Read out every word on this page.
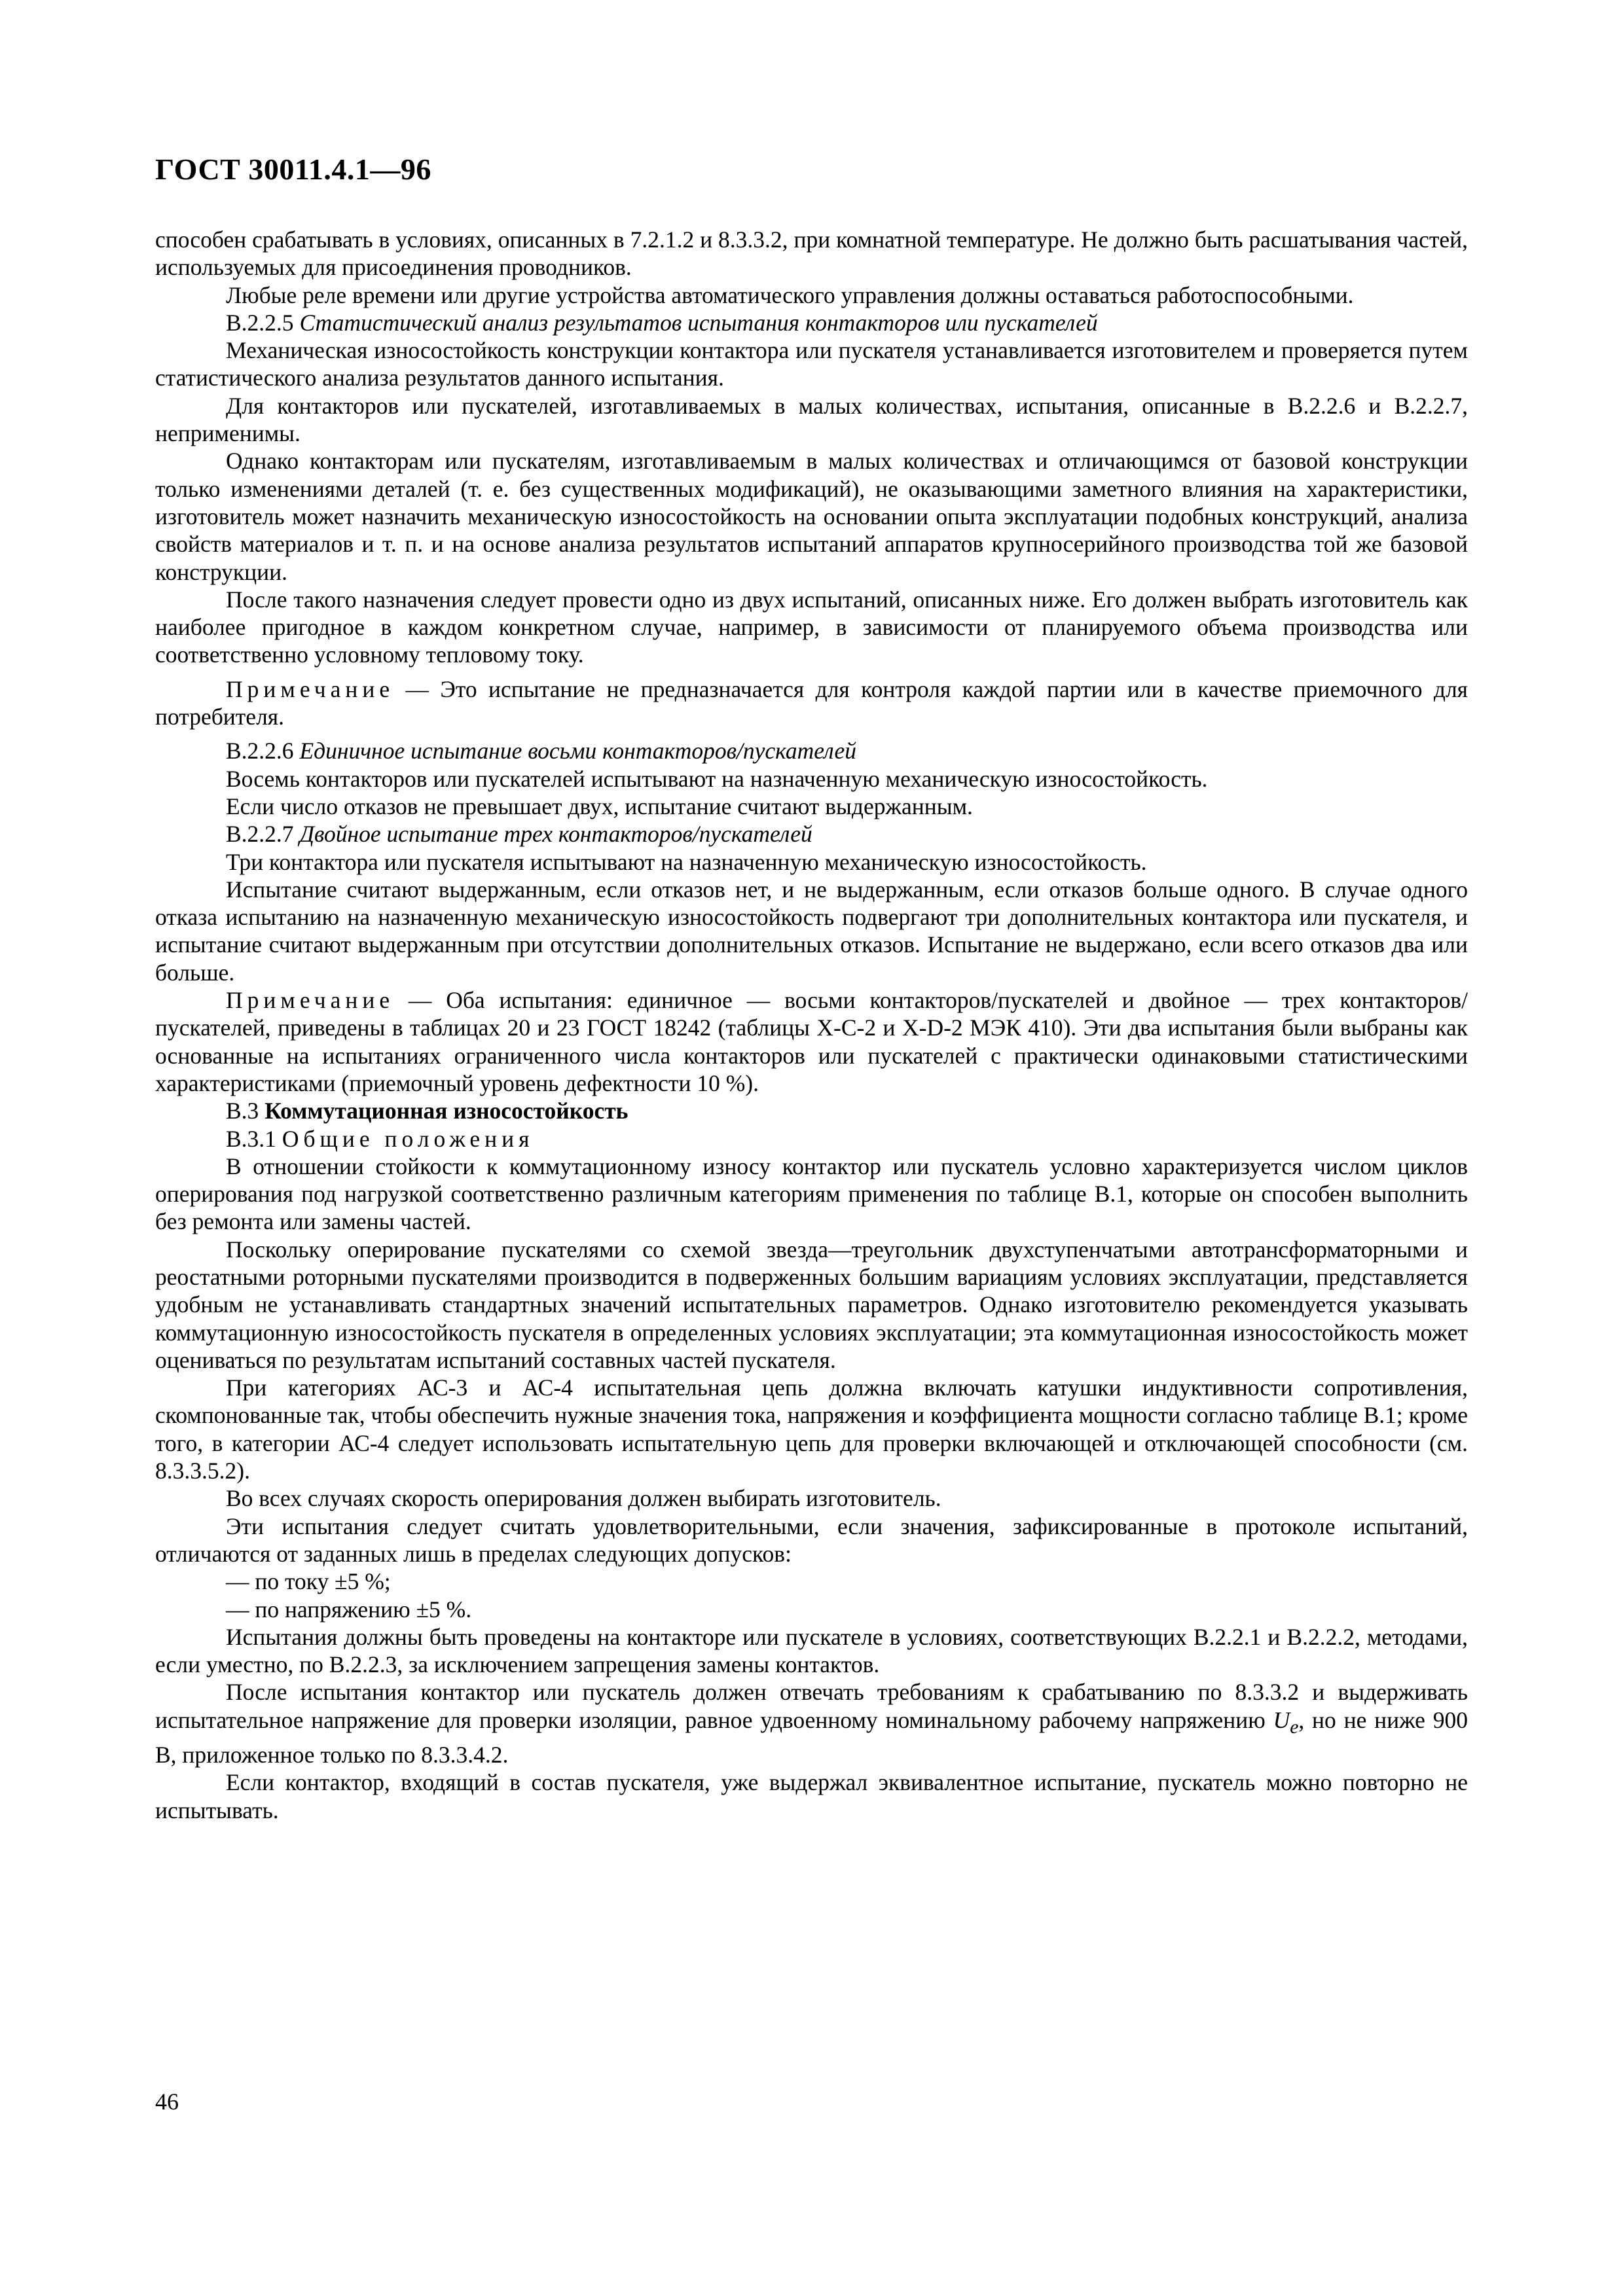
ГОСТ 30011.4.1—96

способен срабатывать в условиях, описанных в 7.2.1.2 и 8.3.3.2, при комнатной температуре. Не должно быть расшатывания частей, используемых для присоединения проводников.

Любые реле времени или другие устройства автоматического управления должны оставаться работоспособными.

В.2.2.5 Статистический анализ результатов испытания контакторов или пускателей

Механическая износостойкость конструкции контактора или пускателя устанавливается изготовителем и проверяется путем статистического анализа результатов данного испытания.

Для контакторов или пускателей, изготавливаемых в малых количествах, испытания, описанные в В.2.2.6 и В.2.2.7, неприменимы.

Однако контакторам или пускателям, изготавливаемым в малых количествах и отличающимся от базовой конструкции только изменениями деталей (т. е. без существенных модификаций), не оказывающими заметного влияния на характеристики, изготовитель может назначить механическую износостойкость на основании опыта эксплуатации подобных конструкций, анализа свойств материалов и т. п. и на основе анализа результатов испытаний аппаратов крупносерийного производства той же базовой конструкции.

После такого назначения следует провести одно из двух испытаний, описанных ниже. Его должен выбрать изготовитель как наиболее пригодное в каждом конкретном случае, например, в зависимости от планируемого объема производства или соответственно условному тепловому току.

Примечание — Это испытание не предназначается для контроля каждой партии или в качестве приемочного для потребителя.

В.2.2.6 Единичное испытание восьми контакторов/пускателей

Восемь контакторов или пускателей испытывают на назначенную механическую износостойкость.

Если число отказов не превышает двух, испытание считают выдержанным.

В.2.2.7 Двойное испытание трех контакторов/пускателей

Три контактора или пускателя испытывают на назначенную механическую износостойкость.

Испытание считают выдержанным, если отказов нет, и не выдержанным, если отказов больше одного. В случае одного отказа испытанию на назначенную механическую износостойкость подвергают три дополнительных контактора или пускателя, и испытание считают выдержанным при отсутствии дополнительных отказов. Испытание не выдержано, если всего отказов два или больше.

Примечание — Оба испытания: единичное — восьми контакторов/пускателей и двойное — трех контакторов/пускателей, приведены в таблицах 20 и 23 ГОСТ 18242 (таблицы X-C-2 и X-D-2 МЭК 410). Эти два испытания были выбраны как основанные на испытаниях ограниченного числа контакторов или пускателей с практически одинаковыми статистическими характеристиками (приемочный уровень дефектности 10 %).

В.3 Коммутационная износостойкость

В.3.1 Общие положения

В отношении стойкости к коммутационному износу контактор или пускатель условно характеризуется числом циклов оперирования под нагрузкой соответственно различным категориям применения по таблице В.1, которые он способен выполнить без ремонта или замены частей.

Поскольку оперирование пускателями со схемой звезда—треугольник двухступенчатыми автотрансформаторными и реостатными роторными пускателями производится в подверженных большим вариациям условиях эксплуатации, представляется удобным не устанавливать стандартных значений испытательных параметров. Однако изготовителю рекомендуется указывать коммутационную износостойкость пускателя в определенных условиях эксплуатации; эта коммутационная износостойкость может оцениваться по результатам испытаний составных частей пускателя.

При категориях АС-3 и АС-4 испытательная цепь должна включать катушки индуктивности сопротивления, скомпонованные так, чтобы обеспечить нужные значения тока, напряжения и коэффициента мощности согласно таблице В.1; кроме того, в категории АС-4 следует использовать испытательную цепь для проверки включающей и отключающей способности (см. 8.3.3.5.2).

Во всех случаях скорость оперирования должен выбирать изготовитель.

Эти испытания следует считать удовлетворительными, если значения, зафиксированные в протоколе испытаний, отличаются от заданных лишь в пределах следующих допусков:

— по току ±5 %;

— по напряжению ±5 %.

Испытания должны быть проведены на контакторе или пускателе в условиях, соответствующих В.2.2.1 и В.2.2.2, методами, если уместно, по В.2.2.3, за исключением запрещения замены контактов.

После испытания контактор или пускатель должен отвечать требованиям к срабатыванию по 8.3.3.2 и выдерживать испытательное напряжение для проверки изоляции, равное удвоенному номинальному рабочему напряжению $U_e$, но не ниже 900 В, приложенное только по 8.3.3.4.2.

Если контактор, входящий в состав пускателя, уже выдержал эквивалентное испытание, пускатель можно повторно не испытывать.

46
